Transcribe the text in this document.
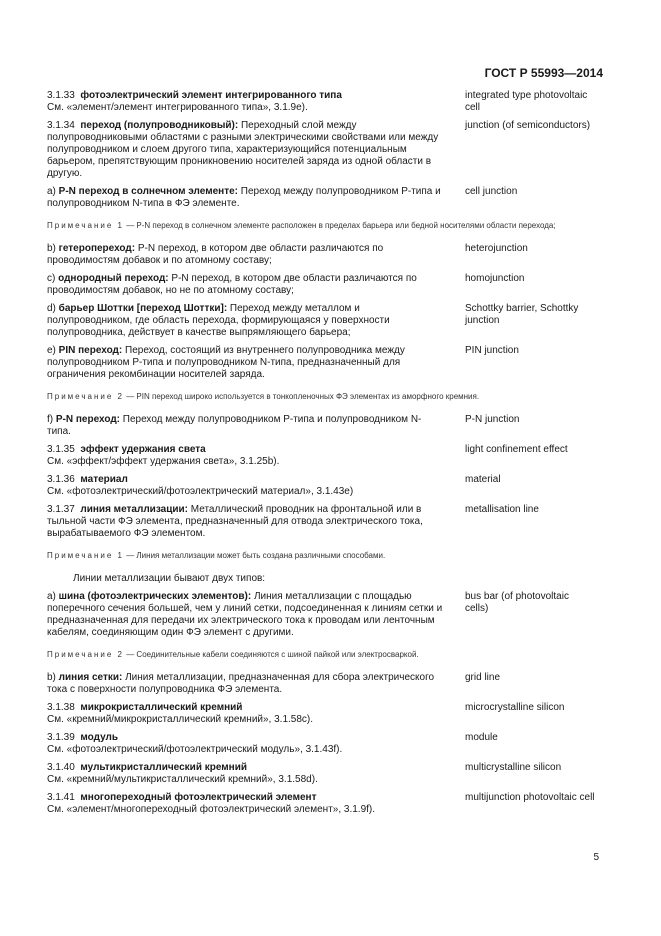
ГОСТ Р 55993—2014
3.1.33 фотоэлектрический элемент интегрированного типа
См. «элемент/элемент интегрированного типа», 3.1.9е).
integrated type photovoltaic cell
3.1.34 переход (полупроводниковый): Переходный слой между полупроводниковыми областями с разными электрическими свойствами или между полупроводником и слоем другого типа, характеризующийся потенциальным барьером, препятствующим проникновению носителей заряда из одной области в другую.
junction (of semiconductors)
а) Р-N переход в солнечном элементе: Переход между полупроводником P-типа и полупроводником N-типа в ФЭ элементе.
cell junction
Примечание 1 — Р-N переход в солнечном элементе расположен в пределах барьера или бедной носителями области перехода;
b) гетеропереход: Р-N переход, в котором две области различаются по проводимостям добавок и по атомному составу;
heterojunction
c) однородный переход: Р-N переход, в котором две области различаются по проводимостям добавок, но не по атомному составу;
homojunction
d) барьер Шоттки [переход Шоттки]: Переход между металлом и полупроводником, где область перехода, формирующаяся у поверхности полупроводника, действует в качестве выпрямляющего барьера;
Schottky barrier, Schottky junction
e) PIN переход: Переход, состоящий из внутреннего полупроводника между полупроводником Р-типа и полупроводником N-типа, предназначенный для ограничения рекомбинации носителей заряда.
PIN junction
Примечание 2 — PIN переход широко используется в тонкопленочных ФЭ элементах из аморфного кремния.
f) Р-N переход: Переход между полупроводником Р-типа и полупроводником N-типа.
P-N junction
3.1.35 эффект удержания света
См. «эффект/эффект удержания света», 3.1.25b).
light confinement effect
3.1.36 материал
См. «фотоэлектрический/фотоэлектрический материал», 3.1.43е)
material
3.1.37 линия металлизации: Металлический проводник на фронтальной или в тыльной части ФЭ элемента, предназначенный для отвода электрического тока, вырабатываемого ФЭ элементом.
metallisation line
Примечание 1 — Линия металлизации может быть создана различными способами.
Линии металлизации бывают двух типов:
а) шина (фотоэлектрических элементов): Линия металлизации с площадью поперечного сечения большей, чем у линий сетки, подсоединенная к линиям сетки и предназначенная для передачи их электрического тока к проводам или ленточным кабелям, соединяющим один ФЭ элемент с другими.
bus bar (of photovoltaic cells)
Примечание 2 — Соединительные кабели соединяются с шиной пайкой или электросваркой.
b) линия сетки: Линия металлизации, предназначенная для сбора электрического тока с поверхности полупроводника ФЭ элемента.
grid line
3.1.38 микрокристаллический кремний
См. «кремний/микрокристаллический кремний», 3.1.58с).
microcrystalline silicon
3.1.39 модуль
См. «фотоэлектрический/фотоэлектрический модуль», 3.1.43f).
module
3.1.40 мультикристаллический кремний
См. «кремний/мультикристаллический кремний», 3.1.58d).
multicrystalline silicon
3.1.41 многопереходный фотоэлектрический элемент
См. «элемент/многопереходный фотоэлектрический элемент», 3.1.9f).
multijunction photovoltaic cell
5
